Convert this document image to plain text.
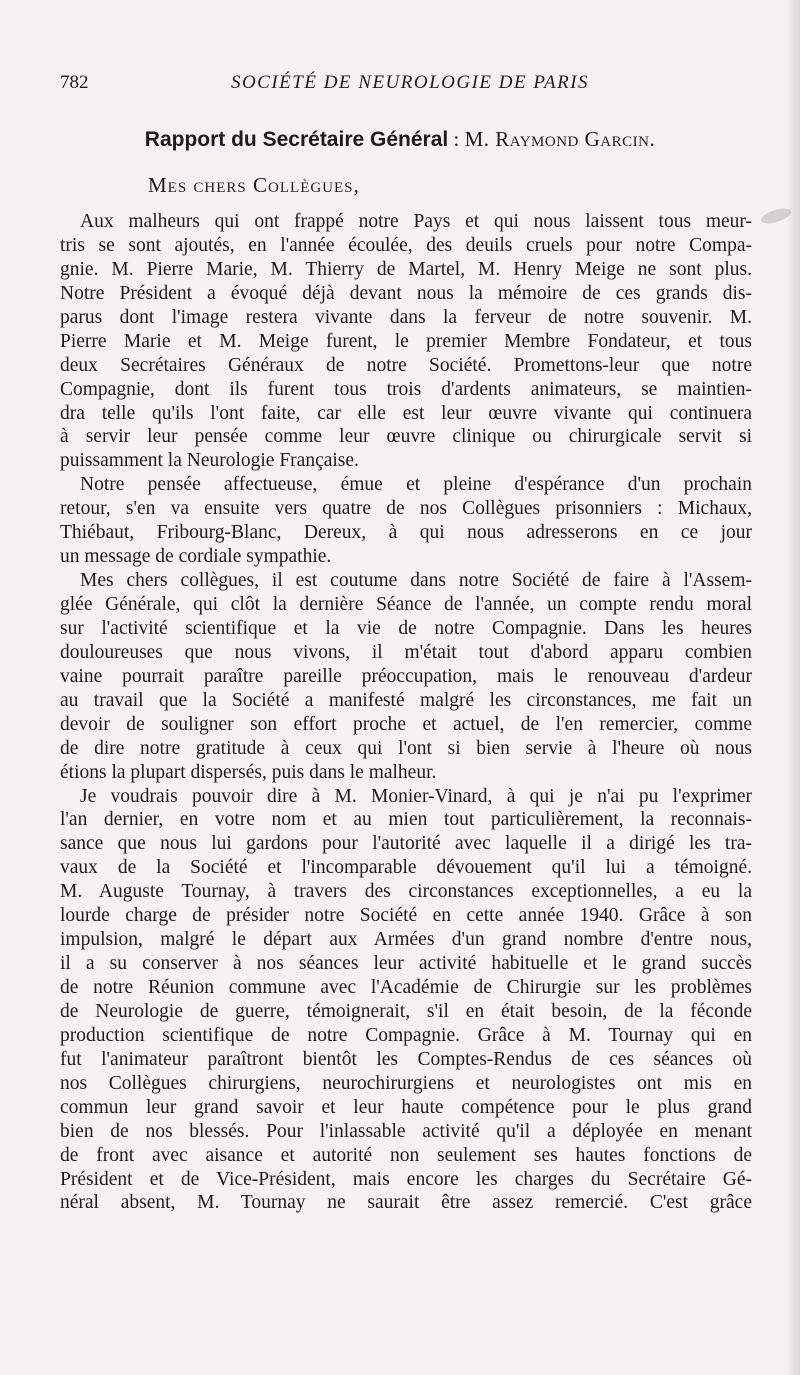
782	SOCIÉTÉ DE NEUROLOGIE DE PARIS
Rapport du Secrétaire Général : M. Raymond Garcin.
Mes chers Collègues,
Aux malheurs qui ont frappé notre Pays et qui nous laissent tous meur-
tris se sont ajoutés, en l'année écoulée, des deuils cruels pour notre Compa-
gnie. M. Pierre Marie, M. Thierry de Martel, M. Henry Meige ne sont plus.
Notre Président a évoqué déjà devant nous la mémoire de ces grands dis-
parus dont l'image restera vivante dans la ferveur de notre souvenir. M.
Pierre Marie et M. Meige furent, le premier Membre Fondateur, et tous
deux Secrétaires Généraux de notre Société. Promettons-leur que notre
Compagnie, dont ils furent tous trois d'ardents animateurs, se maintien-
dra telle qu'ils l'ont faite, car elle est leur œuvre vivante qui continuera
à servir leur pensée comme leur œuvre clinique ou chirurgicale servit si
puissamment la Neurologie Française.
Notre pensée affectueuse, émue et pleine d'espérance d'un prochain
retour, s'en va ensuite vers quatre de nos Collègues prisonniers : Michaux,
Thiébaut, Fribourg-Blanc, Dereux, à qui nous adresserons en ce jour
un message de cordiale sympathie.
Mes chers collègues, il est coutume dans notre Société de faire à l'Assem-
glée Générale, qui clôt la dernière Séance de l'année, un compte rendu moral
sur l'activité scientifique et la vie de notre Compagnie. Dans les heures
douloureuses que nous vivons, il m'était tout d'abord apparu combien
vaine pourrait paraître pareille préoccupation, mais le renouveau d'ardeur
au travail que la Société a manifesté malgré les circonstances, me fait un
devoir de souligner son effort proche et actuel, de l'en remercier, comme
de dire notre gratitude à ceux qui l'ont si bien servie à l'heure où nous
étions la plupart dispersés, puis dans le malheur.
Je voudrais pouvoir dire à M. Monier-Vinard, à qui je n'ai pu l'exprimer
l'an dernier, en votre nom et au mien tout particulièrement, la reconnais-
sance que nous lui gardons pour l'autorité avec laquelle il a dirigé les tra-
vaux de la Société et l'incomparable dévouement qu'il lui a témoigné.
M. Auguste Tournay, à travers des circonstances exceptionnelles, a eu la
lourde charge de présider notre Société en cette année 1940. Grâce à son
impulsion, malgré le départ aux Armées d'un grand nombre d'entre nous,
il a su conserver à nos séances leur activité habituelle et le grand succès
de notre Réunion commune avec l'Académie de Chirurgie sur les problèmes
de Neurologie de guerre, témoignerait, s'il en était besoin, de la féconde
production scientifique de notre Compagnie. Grâce à M. Tournay qui en
fut l'animateur paraîtront bientôt les Comptes-Rendus de ces séances où
nos Collègues chirurgiens, neurochirurgiens et neurologistes ont mis en
commun leur grand savoir et leur haute compétence pour le plus grand
bien de nos blessés. Pour l'inlassable activité qu'il a déployée en menant
de front avec aisance et autorité non seulement ses hautes fonctions de
Président et de Vice-Président, mais encore les charges du Secrétaire Gé-
néral absent, M. Tournay ne saurait être assez remercié. C'est grâce
